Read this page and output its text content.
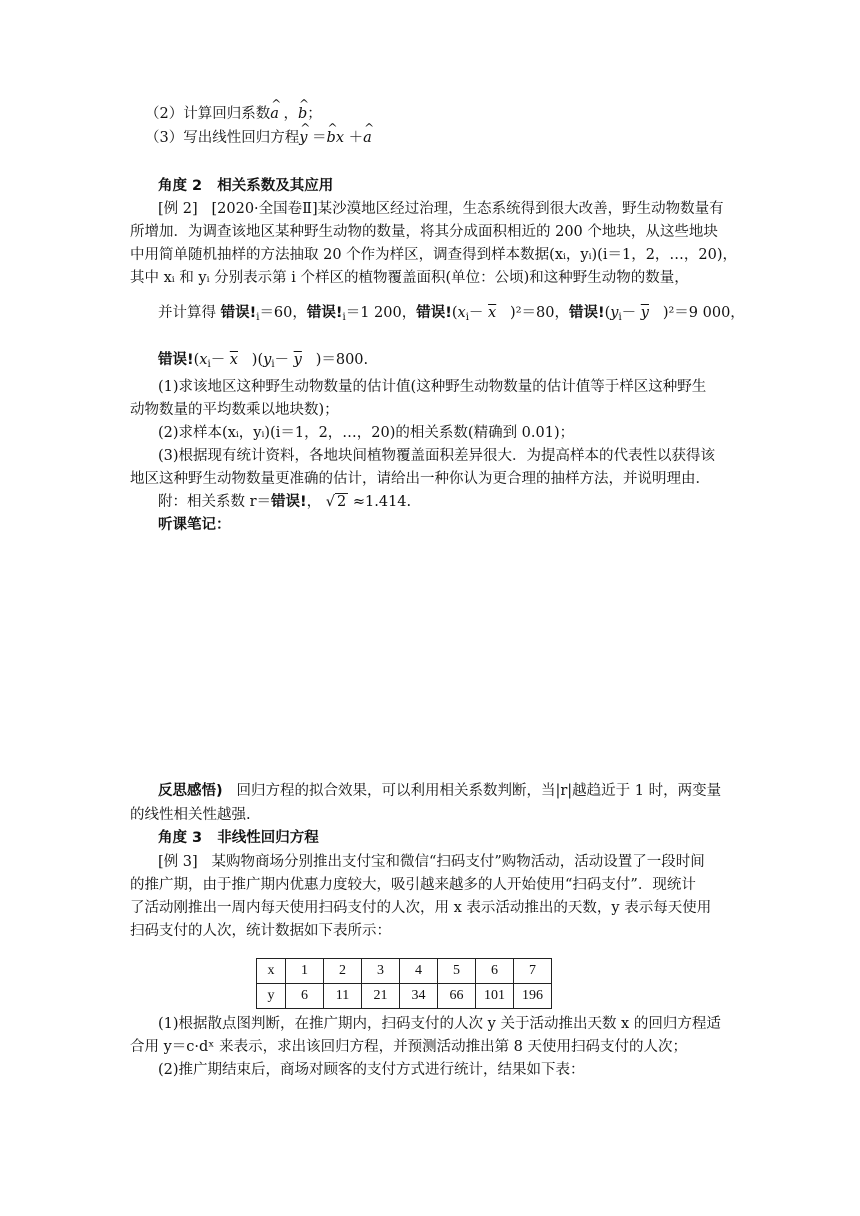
（2）计算回归系数^ a ，^ b；
（3）写出线性回归方程^ y ＝^ bx ＋^ a
角度 2 相关系数及其应用
[例 2] [2020·全国卷Ⅱ]某沙漠地区经过治理，生态系统得到很大改善，野生动物数量有
所增加．为调查该地区某种野生动物的数量，将其分成面积相近的 200 个地块，从这些地块
中用简单随机抽样的方法抽取 20 个作为样区，调查得到样本数据(xᵢ，yᵢ)(i＝1，2，…，20)，
其中 xᵢ 和 yᵢ 分别表示第 i 个样区的植物覆盖面积(单位：公顷)和这种野生动物的数量，
并计算得 错误$!_i=60$，错误$!_i=1$ 200，错误$!(x_i- \overline{x}$ )²＝80，错误$!(y_i- \overline{y}$ )²＝9 000，
错误$!(x_i- \overline{x}$   )($y_i- \overline{y}$ )＝800.
(1)求该地区这种野生动物数量的估计值(这种野生动物数量的估计值等于样区这种野生
动物数量的平均数乘以地块数)；
(2)求样本(xᵢ，yᵢ)(i＝1，2，…，20)的相关系数(精确到 0.01)；
(3)根据现有统计资料，各地块间植物覆盖面积差异很大．为提高样本的代表性以获得该
地区这种野生动物数量更准确的估计，请给出一种你认为更合理的抽样方法，并说明理由．
附：相关系数 r＝错误!， √ 2 ≈1.414.
听课笔记：
反思感悟) 回归方程的拟合效果，可以利用相关系数判断，当|r|越趋近于 1 时，两变量
的线性相关性越强.
角度 3 非线性回归方程
[例 3] 某购物商场分别推出支付宝和微信“扫码支付”购物活动，活动设置了一段时间
的推广期，由于推广期内优惠力度较大，吸引越来越多的人开始使用“扫码支付”．现统计
了活动刚推出一周内每天使用扫码支付的人次，用 x 表示活动推出的天数，y 表示每天使用
扫码支付的人次，统计数据如下表所示：
x	1	2	3	4	5	6	7
y	6	11	21	34	66	101	196
(1)根据散点图判断，在推广期内，扫码支付的人次 y 关于活动推出天数 x 的回归方程适
合用 y＝c·dˣ 来表示，求出该回归方程，并预测活动推出第 8 天使用扫码支付的人次；
(2)推广期结束后，商场对顾客的支付方式进行统计，结果如下表：
